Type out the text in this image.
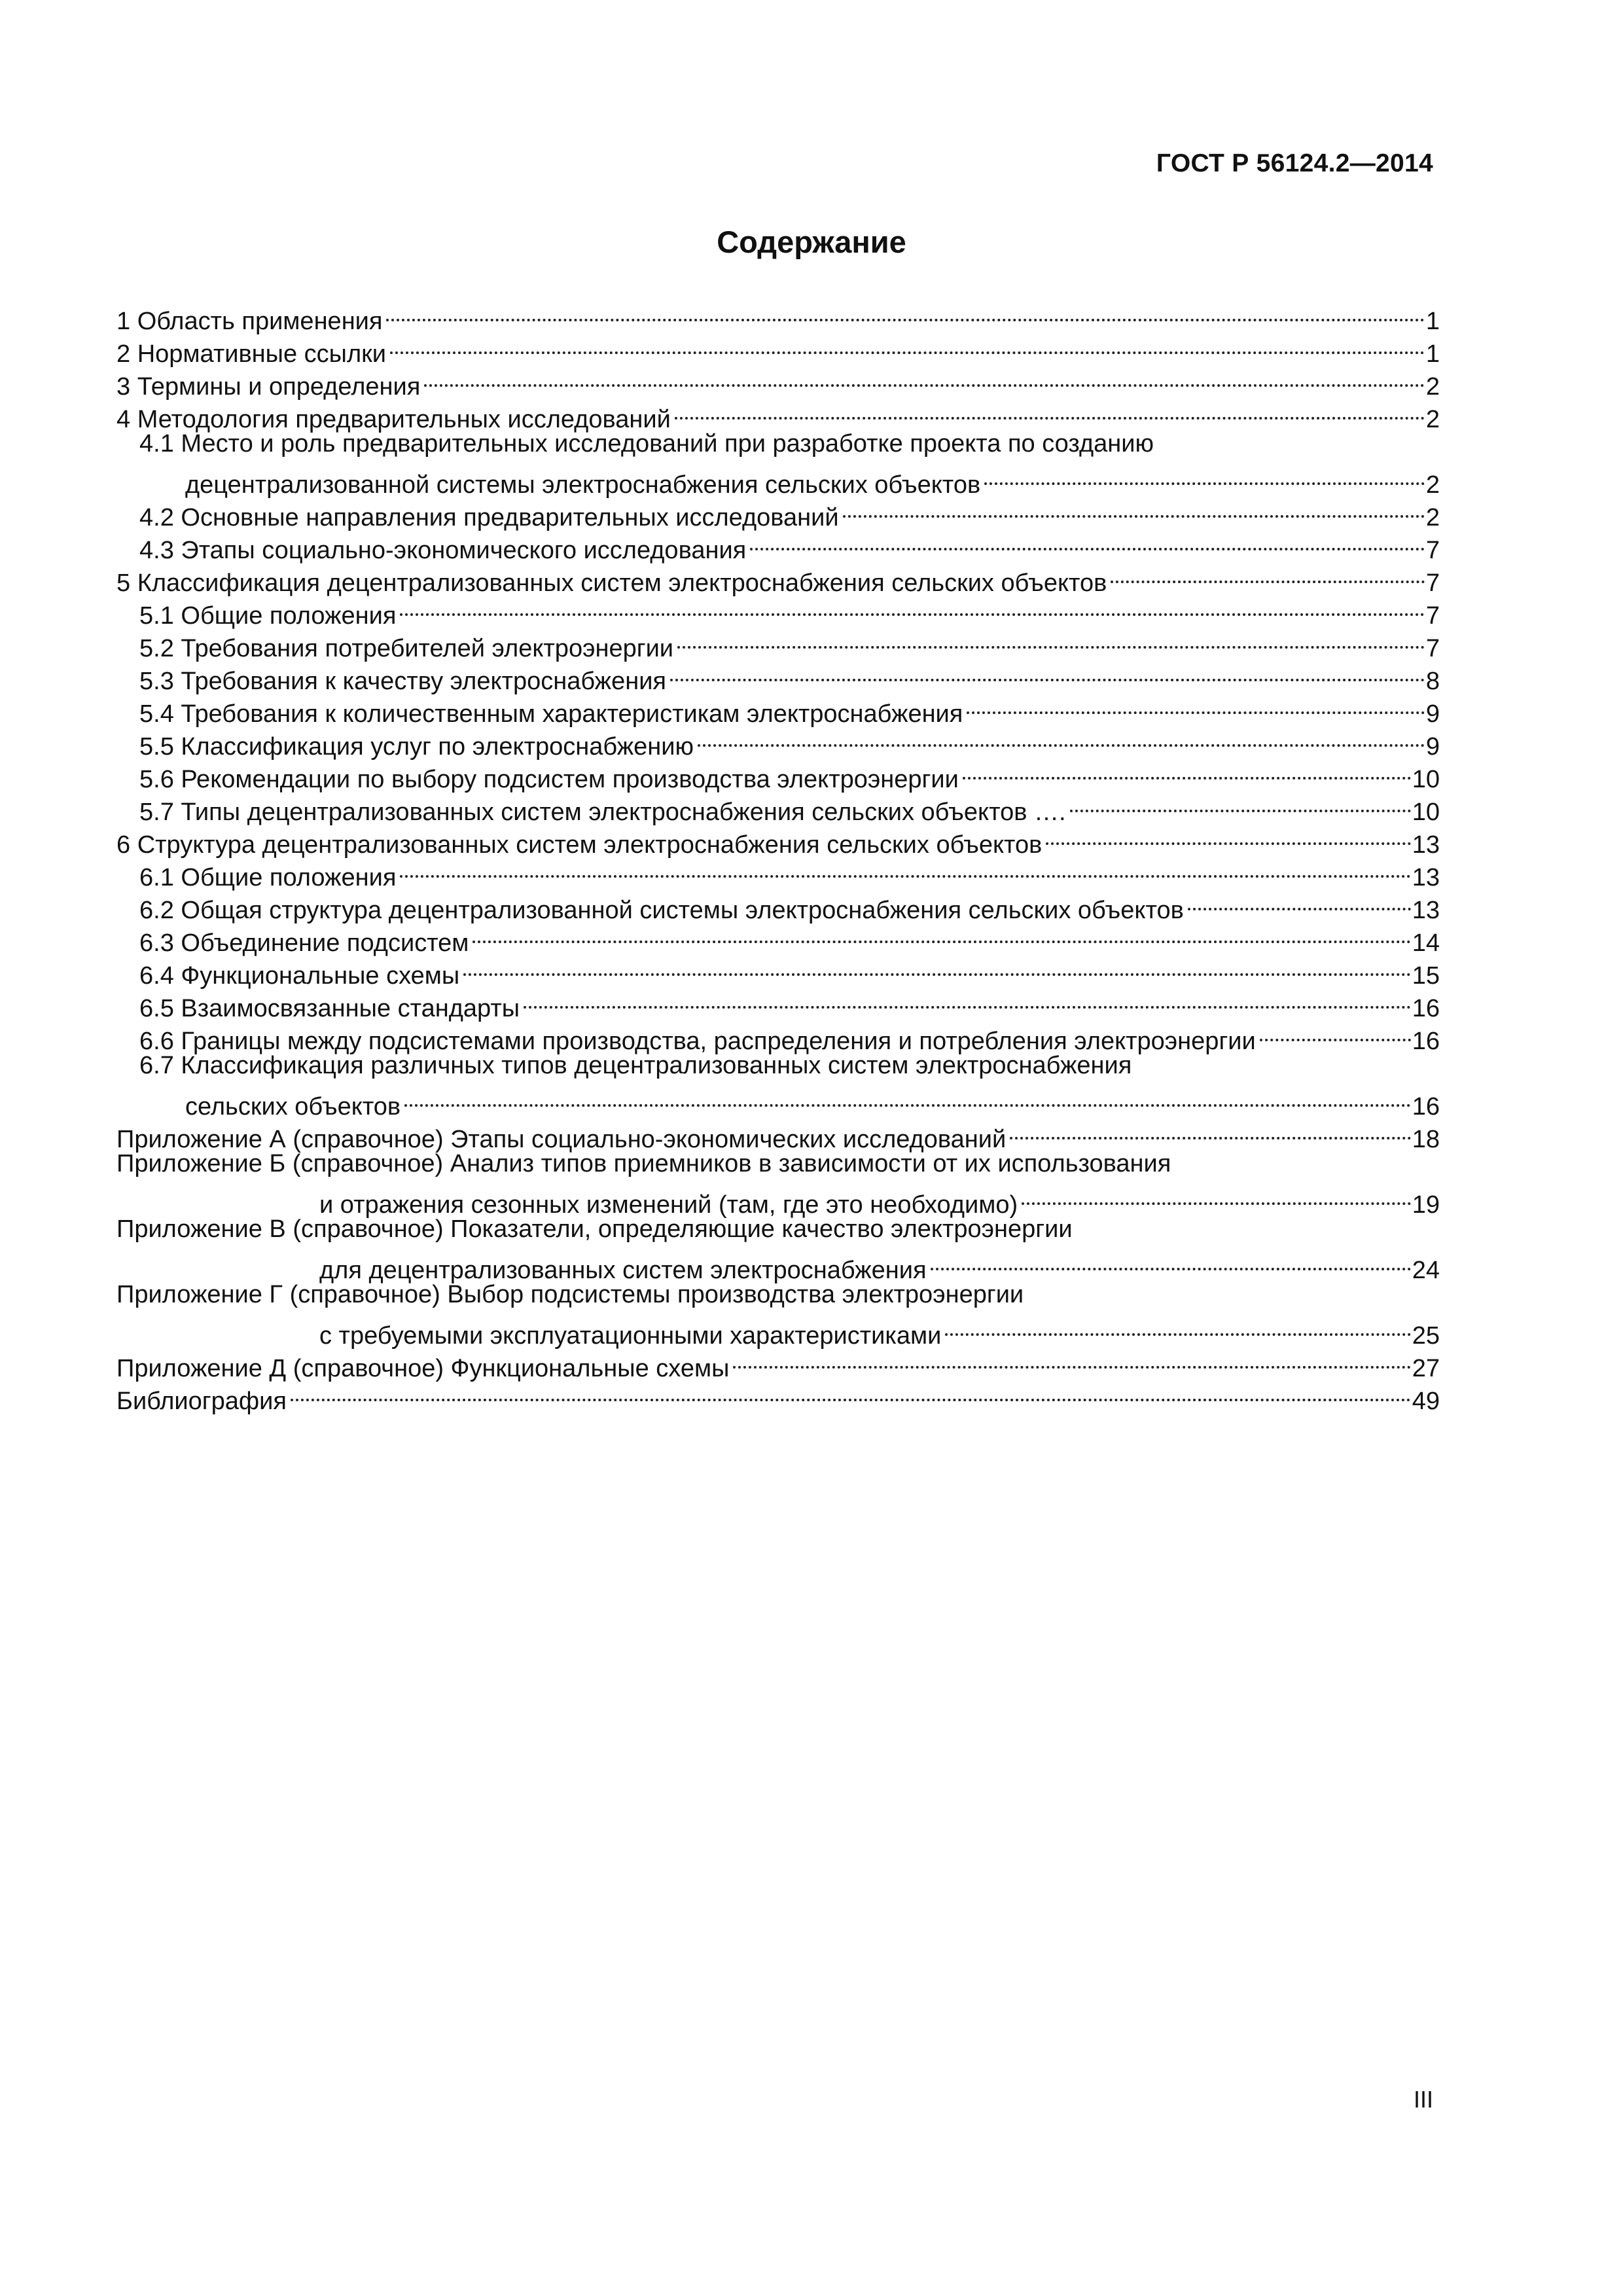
ГОСТ Р 56124.2—2014
Содержание
1 Область применения	1
2 Нормативные ссылки	1
3 Термины и определения	2
4 Методология предварительных исследований	2
4.1 Место и роль предварительных исследований при разработке проекта по созданию
децентрализованной системы электроснабжения сельских объектов	2
4.2 Основные направления предварительных исследований	2
4.3 Этапы социально-экономического исследования	7
5 Классификация децентрализованных систем электроснабжения сельских объектов	7
5.1 Общие положения	7
5.2 Требования потребителей электроэнергии	7
5.3 Требования к качеству электроснабжения	8
5.4 Требования к количественным характеристикам электроснабжения	9
5.5 Классификация услуг по электроснабжению	9
5.6 Рекомендации по выбору подсистем производства электроэнергии	10
5.7 Типы децентрализованных систем электроснабжения сельских объектов ….	10
6 Структура децентрализованных систем электроснабжения сельских объектов	13
6.1 Общие положения	13
6.2 Общая структура децентрализованной системы электроснабжения сельских объектов	13
6.3 Объединение подсистем	14
6.4 Функциональные схемы	15
6.5 Взаимосвязанные стандарты	16
6.6 Границы между подсистемами производства, распределения и потребления электроэнергии	16
6.7 Классификация различных типов децентрализованных систем электроснабжения
сельских объектов	16
Приложение А (справочное) Этапы социально-экономических исследований	18
Приложение Б (справочное) Анализ типов приемников в зависимости от их использования
и отражения сезонных изменений (там, где это необходимо)	19
Приложение В (справочное) Показатели, определяющие качество электроэнергии
для децентрализованных систем электроснабжения	24
Приложение Г (справочное) Выбор подсистемы производства электроэнергии
с требуемыми эксплуатационными характеристиками	25
Приложение Д (справочное) Функциональные схемы	27
Библиография	49
III
